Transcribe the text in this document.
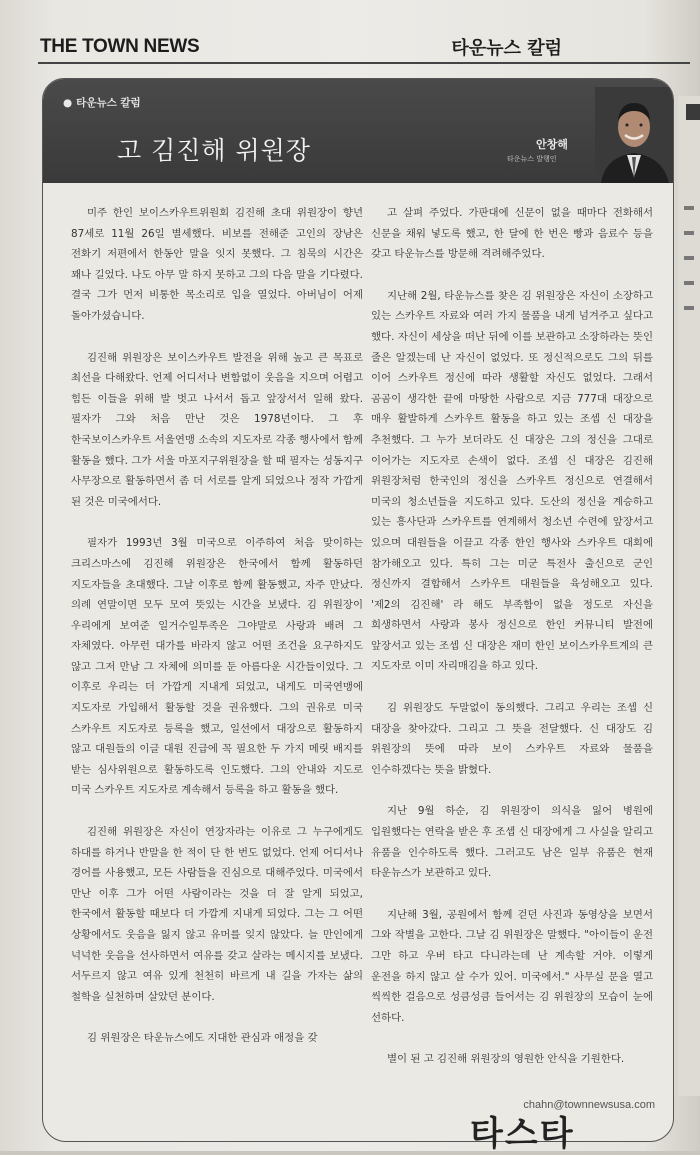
THE TOWN NEWS	타운뉴스 칼럼
● 타운뉴스 칼럼
고 김진해 위원장	안창해
타운뉴스 발행인

미주 한인 보이스카우트위원회 김진해 초대 위원장이 향년 87세로 11월 26일 별세했다. 비보를 전해준 고인의 장남은 전화기 저편에서 한동안 말을 잇지 못했다. 그 침묵의 시간은 꽤나 길었다. 나도 아무 말 하지 못하고 그의 다음 말을 기다렸다. 결국 그가 먼저 비통한 목소리로 입을 열었다. 아버님이 어제 돌아가셨습니다.

김진해 위원장은 보이스카우트 발전을 위해 높고 큰 목표로 최선을 다해왔다. 언제 어디서나 변함없이 웃음을 지으며 어렵고 힘든 이들을 위해 발 벗고 나서서 돕고 앞장서서 일해 왔다. 필자가 그와 처음 만난 것은 1978년이다. 그 후 한국보이스카우트 서울연맹 소속의 지도자로 각종 행사에서 함께 활동을 했다. 그가 서울 마포지구위원장을 할 때 필자는 성동지구 사무장으로 활동하면서 좀 더 서로를 알게 되었으나 정작 가깝게 된 것은 미국에서다.

필자가 1993년 3월 미국으로 이주하여 처음 맞이하는 크리스마스에 김진해 위원장은 한국에서 함께 활동하던 지도자들을 초대했다. 그날 이후로 함께 활동했고, 자주 만났다. 의례 연말이면 모두 모여 뜻있는 시간을 보냈다. 김 위원장이 우리에게 보여준 일거수일투족은 그야말로 사랑과 배려 그 자체였다. 아무런 대가를 바라지 않고 어떤 조건을 요구하지도 않고 그저 만남 그 자체에 의미를 둔 아름다운 시간들이었다. 그 이후로 우리는 더 가깝게 지내게 되었고, 내게도 미국연맹에 지도자로 가입해서 활동할 것을 권유했다. 그의 권유로 미국 스카우트 지도자로 등록을 했고, 일선에서 대장으로 활동하지 않고 대원들의 이글 대원 진급에 꼭 필요한 두 가지 메릿 배지를 받는 심사위원으로 활동하도록 인도했다. 그의 안내와 지도로 미국 스카우트 지도자로 계속해서 등록을 하고 활동을 했다.

김진해 위원장은 자신이 연장자라는 이유로 그 누구에게도 하대를 하거나 반말을 한 적이 단 한 번도 없었다. 언제 어디서나 경어를 사용했고, 모든 사람들을 진심으로 대해주었다. 미국에서 만난 이후 그가 어떤 사람이라는 것을 더 잘 알게 되었고, 한국에서 활동할 때보다 더 가깝게 지내게 되었다. 그는 그 어떤 상황에서도 웃음을 잃지 않고 유머를 잊지 않았다. 늘 만인에게 넉넉한 웃음을 선사하면서 여유를 갖고 살라는 메시지를 보냈다. 서두르지 않고 여유 있게 천천히 바르게 내 길을 가자는 삶의 철학을 실천하며 살았던 분이다.

김 위원장은 타운뉴스에도 지대한 관심과 애정을 갖

고 살펴 주었다. 가판대에 신문이 없을 때마다 전화해서 신문을 채워 넣도록 했고, 한 달에 한 번은 빵과 음료수 등을 갖고 타운뉴스를 방문해 격려해주었다.

지난해 2월, 타운뉴스를 찾은 김 위원장은 자신이 소장하고 있는 스카우트 자료와 여러 가지 물품을 내게 넘겨주고 싶다고 했다. 자신이 세상을 떠난 뒤에 이를 보관하고 소장하라는 뜻인 줄은 알겠는데 난 자신이 없었다. 또 정신적으로도 그의 뒤를 이어 스카우트 정신에 따라 생활할 자신도 없었다. 그래서 곰곰이 생각한 끝에 마땅한 사람으로 지금 777대 대장으로 매우 활발하게 스카우트 활동을 하고 있는 조셉 신 대장을 추천했다. 그 누가 보더라도 신 대장은 그의 정신을 그대로 이어가는 지도자로 손색이 없다. 조셉 신 대장은 김진해 위원장처럼 한국인의 정신을 스카우트 정신으로 연결해서 미국의 청소년들을 지도하고 있다. 도산의 정신을 계승하고 있는 흥사단과 스카우트를 연계해서 청소년 수련에 앞장서고 있으며 대원들을 이끌고 각종 한인 행사와 스카우트 대회에 참가해오고 있다. 특히 그는 미군 특전사 출신으로 군인 정신까지 결합해서 스카우트 대원들을 육성해오고 있다. '제2의 김진해' 라 해도 부족함이 없을 정도로 자신을 희생하면서 사랑과 봉사 정신으로 한인 커뮤니티 발전에 앞장서고 있는 조셉 신 대장은 재미 한인 보이스카우트계의 큰 지도자로 이미 자리매김을 하고 있다.

김 위원장도 두말없이 동의했다. 그리고 우리는 조셉 신 대장을 찾아갔다. 그리고 그 뜻을 전달했다. 신 대장도 김 위원장의 뜻에 따라 보이 스카우트 자료와 물품을 인수하겠다는 뜻을 밝혔다.

지난 9월 하순, 김 위원장이 의식을 잃어 병원에 입원했다는 연락을 받은 후 조셉 신 대장에게 그 사실을 알리고 유품을 인수하도록 했다. 그러고도 남은 일부 유품은 현재 타운뉴스가 보관하고 있다.

지난해 3월, 공원에서 함께 걷던 사진과 동영상을 보면서 그와 작별을 고한다. 그날 김 위원장은 말했다. "아이들이 운전 그만 하고 우버 타고 다니라는데 난 계속할 거야. 이렇게 운전을 하지 않고 살 수가 있어. 미국에서." 사무실 문을 열고 씩씩한 걸음으로 성큼성큼 들어서는 김 위원장의 모습이 눈에 선하다.

별이 된 고 김진해 위원장의 영원한 안식을 기원한다.

chahn@townnewsusa.com
타스타
